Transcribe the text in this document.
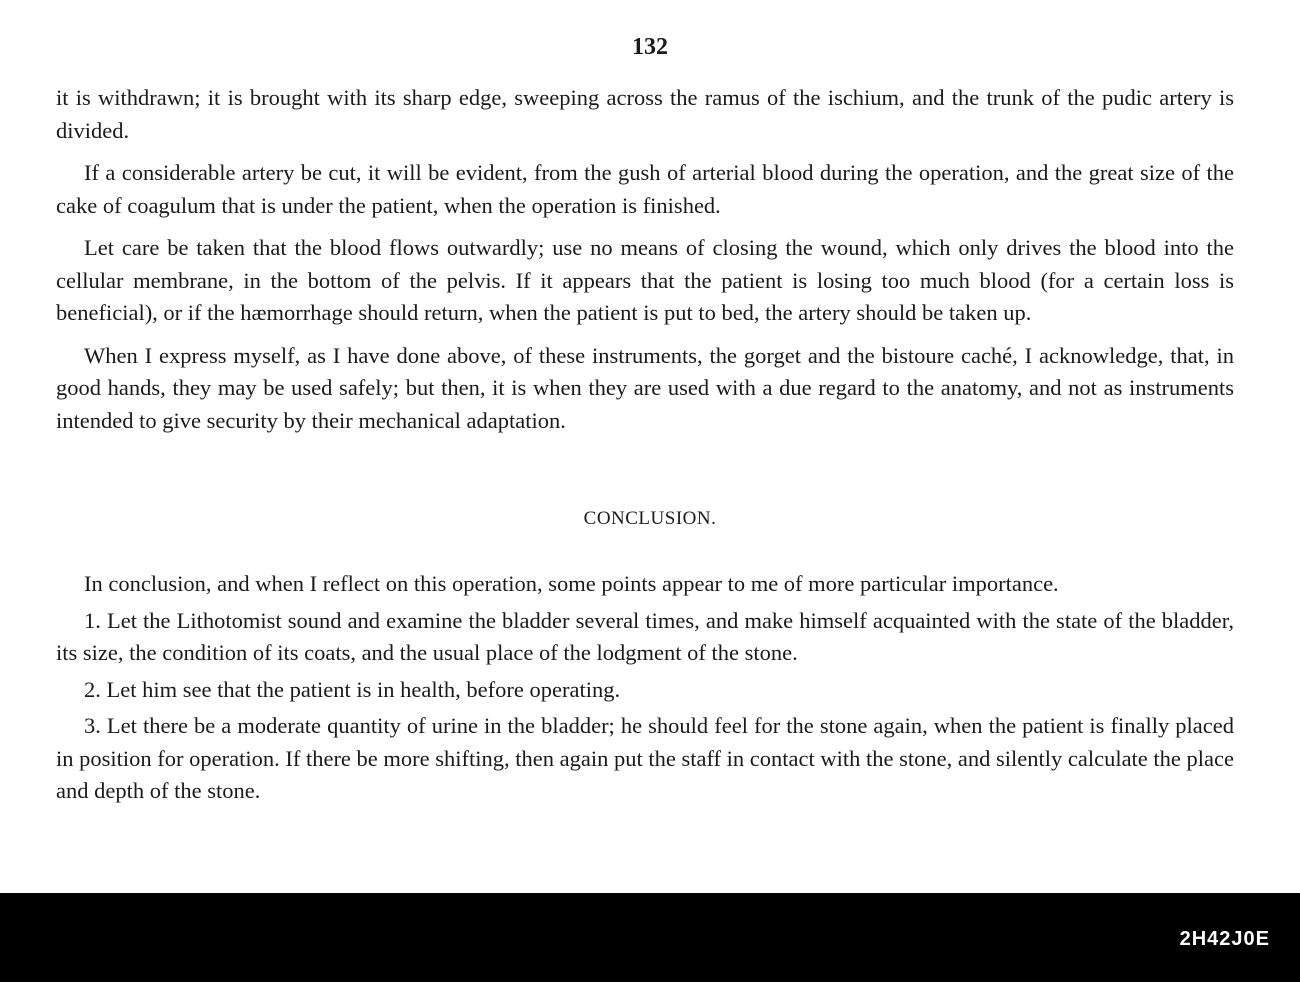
132

it is withdrawn; it is brought with its sharp edge, sweeping across the ramus of the ischium, and the trunk of the pudic artery is divided.

If a considerable artery be cut, it will be evident, from the gush of arterial blood during the operation, and the great size of the cake of coagulum that is under the patient, when the operation is finished.

Let care be taken that the blood flows outwardly; use no means of closing the wound, which only drives the blood into the cellular membrane, in the bottom of the pelvis. If it appears that the patient is losing too much blood (for a certain loss is beneficial), or if the hæmorrhage should return, when the patient is put to bed, the artery should be taken up.

When I express myself, as I have done above, of these instruments, the gorget and the bistoure caché, I acknowledge, that, in good hands, they may be used safely; but then, it is when they are used with a due regard to the anatomy, and not as instruments intended to give security by their mechanical adaptation.

CONCLUSION.

In conclusion, and when I reflect on this operation, some points appear to me of more particular importance.

1. Let the Lithotomist sound and examine the bladder several times, and make himself acquainted with the state of the bladder, its size, the condition of its coats, and the usual place of the lodgment of the stone.

2. Let him see that the patient is in health, before operating.

3. Let there be a moderate quantity of urine in the bladder; he should feel for the stone again, when the patient is finally placed in position for operation. If there be more shifting, then again put the staff in contact with the stone, and silently calculate the place and depth of the stone.

2H42J0E
